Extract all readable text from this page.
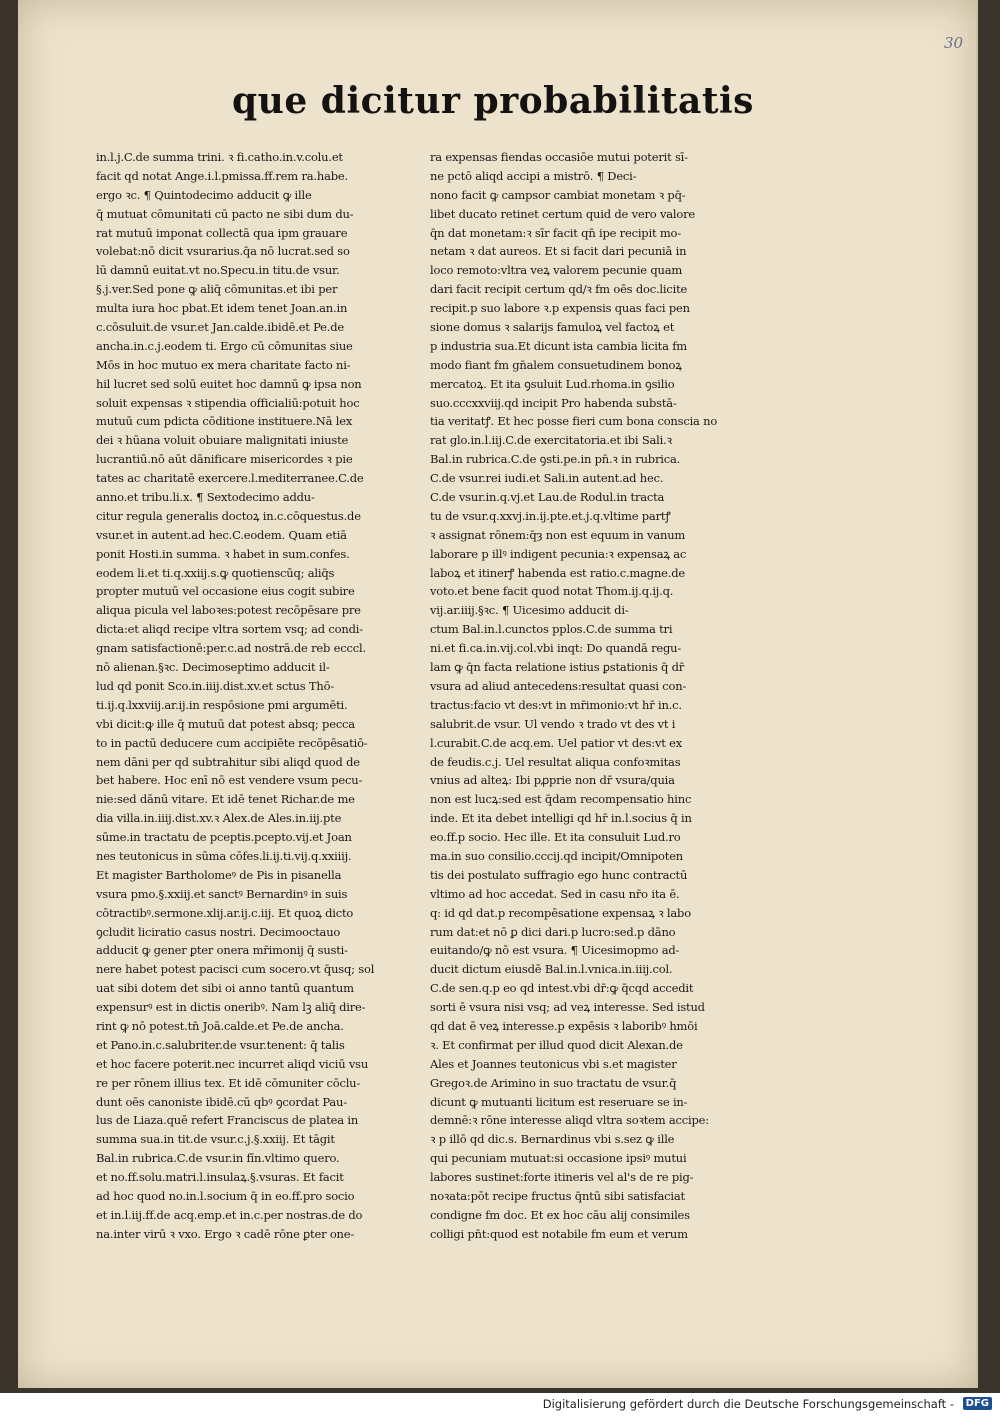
30
que dicitur probabilitatis
in.l.j.C.de summa trini. ꝛ fi.catho.in.v.colu.et
facit qd notat Ange.i.l.pmissa.ff.rem ra.habe.
ergo ꝛc. ¶ Quintodecimo adducit ꝙ ille
q̄ mutuat cōmunitati cū pacto ne sibi dum du-
rat mutuū imponat collectā qua ipm grauare
volebat:nō dicit vsurarius.q̄a nō lucrat.sed so
lū damnū euitat.vt no.Specu.in titu.de vsur.
§.j.ver.Sed pone ꝙ aliq̄ cōmunitas.et ibi per
multa iura hoc pbat.Et idem tenet Joan.an.in
c.cōsuluit.de vsur.et Jan.calde.ibidē.et Pe.de
ancha.in.c.j.eodem ti. Ergo cū cōmunitas siue
Mōs in hoc mutuo ex mera charitate facto ni-
hil lucret sed solū euitet hoc damnū ꝙ ipsa non
soluit expensas ꝛ stipendia officialiū:potuit hoc
mutuū cum pdicta cōditione instituere.Nā lex
dei ꝛ hūana voluit obuiare malignitati iniuste
lucrantiū.nō aūt dānificare misericordes ꝛ pie
tates ac charitatē exercere.l.mediterranee.C.de
anno.et tribu.li.x. ¶ Sextodecimo addu-
citur regula generalis doctoꝝ in.c.cōquestus.de
vsur.et in autent.ad hec.C.eodem. Quam etiā
ponit Hosti.in summa. ꝛ habet in sum.confes.
eodem li.et ti.q.xxiij.s.ꝙ quotienscūq; aliq̄s
propter mutuū vel occasione eius cogit subire
aliqua picula vel laboꝛes:potest recōpēsare pre
dicta:et aliqd recipe vltra sortem vsq; ad condi-
gnam satisfactionē:per.c.ad nostrā.de reb ecccl.
nō alienan.§ꝛc. Decimoseptimo adducit il-
lud qd ponit Sco.in.iiij.dist.xv.et sctus Thō-
ti.ij.q.lxxviij.ar.ij.in respōsione pmi argumēti.
vbi dicit:ꝙ ille q̄ mutuū dat potest absq; pecca
to in pactū deducere cum accipiēte recōpēsatiō-
nem dāni per qd subtrahitur sibi aliqd quod de
bet habere. Hoc enī nō est vendere vsum pecu-
nie:sed dānū vitare. Et idē tenet Richar.de me
dia villa.in.iiij.dist.xv.ꝛ Alex.de Ales.in.iij.pte
sūme.in tractatu de pceptis.pcepto.vij.et Joan
nes teutonicus in sūma cōfes.li.ij.ti.vij.q.xxiiij.
Et magister Bartholomeꝰ de Pis in pisanella
vsura pmo.§.xxiij.et sanctꝰ Bernardinꝰ in suis
cōtractibꝰ.sermone.xlij.ar.ij.c.iij. Et quoꝝ dicto
ꝯcludit liciratio casus nostri. Decimooctauo
adducit ꝙ gener ꝑter onera mr̄imonij q̄ susti-
nere habet potest pacisci cum socero.vt q̄usq; sol
uat sibi dotem det sibi oi anno tantū quantum
expensurꝰ est in dictis oneribꝰ. Nam lꝫ aliq̄ dire-
rint ꝙ nō potest.tn̄ Joā.calde.et Pe.de ancha.
et Pano.in.c.salubriter.de vsur.tenent: q̄ talis
et hoc facere poterit.nec incurret aliqd viciū vsu
re per rōnem illius tex. Et idē cōmuniter cōclu-
dunt oēs canoniste ibidē.cū qbꝰ ꝯcordat Pau-
lus de Liaza.quē refert Franciscus de platea in
summa sua.in tit.de vsur.c.j.§.xxiij. Et tāgit
Bal.in rubrica.C.de vsur.in fīn.vltimo quero.
et no.ff.solu.matri.l.insulaꝝ.§.vsuras. Et facit
ad hoc quod no.in.l.socium q̄ in eo.ff.pro socio
et in.l.iij.ff.de acq.emp.et in.c.per nostras.de do
na.inter virū ꝛ vxo. Ergo ꝛ cadē rōne ꝑter one-
ra expensas fiendas occasiōe mutui poterit sī-
ne pctō aliqd accipi a mistrō. ¶ Deci-
nono facit ꝙ campsor cambiat monetam ꝛ pq̄-
libet ducato retinet certum quid de vero valore
q̄n dat monetam:ꝛ sīr facit qn̄ ipe recipit mo-
netam ꝛ dat aureos. Et si facit dari pecuniā in
loco remoto:vltra veꝝ valorem pecunie quam
dari facit recipit certum qd/ꝛ fm oēs doc.licite
recipit.p suo labore ꝛ.p expensis quas faci pen
sione domus ꝛ salarijs famuloꝝ vel factoꝝ et
p industria sua.Et dicunt ista cambia licita fm
modo fiant fm gn̄alem consuetudinem bonoꝝ
mercatoꝝ. Et ita ꝯsuluit Lud.rhoma.in ꝯsilio
suo.cccxxviij.qd incipit Pro habenda substā-
tia veritatꝭ. Et hec posse fieri cum bona conscia no
rat glo.in.l.iij.C.de exercitatoria.et ibi Sali.ꝛ
Bal.in rubrica.C.de ꝯsti.pe.in pn̄.ꝛ in rubrica.
C.de vsur.rei iudi.et Sali.in autent.ad hec.
C.de vsur.in.q.vj.et Lau.de Rodul.in tracta
tu de vsur.q.xxvj.in.ij.pte.et.j.q.vltime partꝭ
ꝛ assignat rōnem:q̄ȝ non est equum in vanum
laborare p illꝰ indigent pecunia:ꝛ expensaꝝ ac
laboꝝ et itinerꝭ habenda est ratio.c.magne.de
voto.et bene facit quod notat Thom.ij.q.ij.q.
vij.ar.iiij.§ꝛc. ¶ Uicesimo adducit di-
ctum Bal.in.l.cunctos pplos.C.de summa tri
ni.et fi.ca.in.vij.col.vbi inqt: Do quandā regu-
lam ꝙ q̄n facta relatione istius ꝑstationis q̄ dr̄
vsura ad aliud antecedens:resultat quasi con-
tractus:facio vt des:vt in mr̄imonio:vt hr̄ in.c.
salubrit.de vsur. Ul vendo ꝛ trado vt des vt i
l.curabit.C.de acq.em. Uel patior vt des:vt ex
de feudis.c.j. Uel resultat aliqua confoꝛmitas
vnius ad alteꝝ: Ibi pꝓprie non dr̄ vsura/quia
non est lucꝝ:sed est q̄dam recompensatio hinc
inde. Et ita debet intelligi qd hr̄ in.l.socius q̄ in
eo.ff.p socio. Hec ille. Et ita consuluit Lud.ro
ma.in suo consilio.cccij.qd incipit/Omnipoten
tis dei postulato suffragio ego hunc contractū
vltimo ad hoc accedat. Sed in casu nr̄o ita ē.
q: id qd dat.p recompēsatione expensaꝝ ꝛ labo
rum dat:et nō ꝑ dici dari.p lucro:sed.p dāno
euitando/ꝙ nō est vsura. ¶ Uicesimopmo ad-
ducit dictum eiusdē Bal.in.l.vnica.in.iiij.col.
C.de sen.q.p eo qd intest.vbi dr̄:ꝙ q̄cqd accedit
sorti ē vsura nisi vsq; ad veꝝ interesse. Sed istud
qd dat ē veꝝ interesse.p expēsis ꝛ laboribꝰ hmōi
ꝛ. Et confirmat per illud quod dicit Alexan.de
Ales et Joannes teutonicus vbi s.et magister
Gregoꝛ.de Arimino in suo tractatu de vsur.q̄
dicunt ꝙ mutuanti licitum est reseruare se in-
demnē:ꝛ rōne interesse aliqd vltra soꝛtem accipe:
ꝛ p illō qd dic.s. Bernardinus vbi s.sez ꝙ ille
qui pecuniam mutuat:si occasione ipsiꝰ mutui
labores sustinet:forte itineris vel al's de re pig-
noꝛata:pōt recipe fructus q̄ntū sibi satisfaciat
condigne fm doc. Et ex hoc cāu alij consimiles
colligi pn̄t:quod est notabile fm eum et verum
Digitalisierung gefördert durch die Deutsche Forschungsgemeinschaft -	DFG
